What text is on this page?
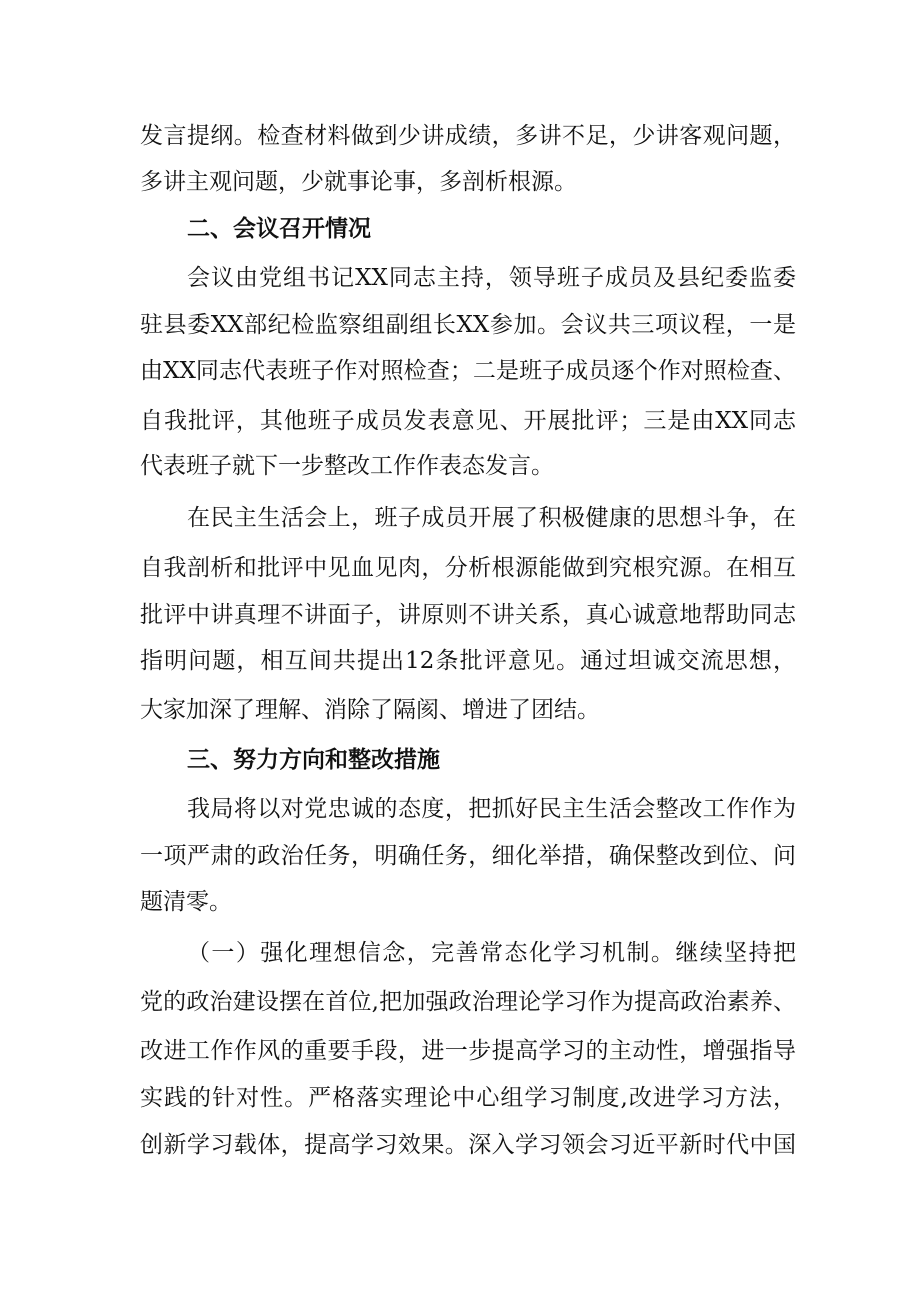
发言提纲。检查材料做到少讲成绩，多讲不足，少讲客观问题，
多讲主观问题，少就事论事，多剖析根源。
二、会议召开情况
会议由党组书记XX同志主持，领导班子成员及县纪委监委
驻县委XX部纪检监察组副组长XX参加。会议共三项议程，一是
由XX同志代表班子作对照检查；二是班子成员逐个作对照检查、
自我批评，其他班子成员发表意见、开展批评；三是由XX同志
代表班子就下一步整改工作作表态发言。
在民主生活会上，班子成员开展了积极健康的思想斗争，在
自我剖析和批评中见血见肉，分析根源能做到究根究源。在相互
批评中讲真理不讲面子，讲原则不讲关系，真心诚意地帮助同志
指明问题，相互间共提出12条批评意见。通过坦诚交流思想，
大家加深了理解、消除了隔阂、增进了团结。
三、努力方向和整改措施
我局将以对党忠诚的态度，把抓好民主生活会整改工作作为
一项严肃的政治任务，明确任务，细化举措，确保整改到位、问
题清零。
（一）强化理想信念，完善常态化学习机制。继续坚持把
党的政治建设摆在首位,把加强政治理论学习作为提高政治素养、
改进工作作风的重要手段，进一步提高学习的主动性，增强指导
实践的针对性。严格落实理论中心组学习制度,改进学习方法，
创新学习载体，提高学习效果。深入学习领会习近平新时代中国
